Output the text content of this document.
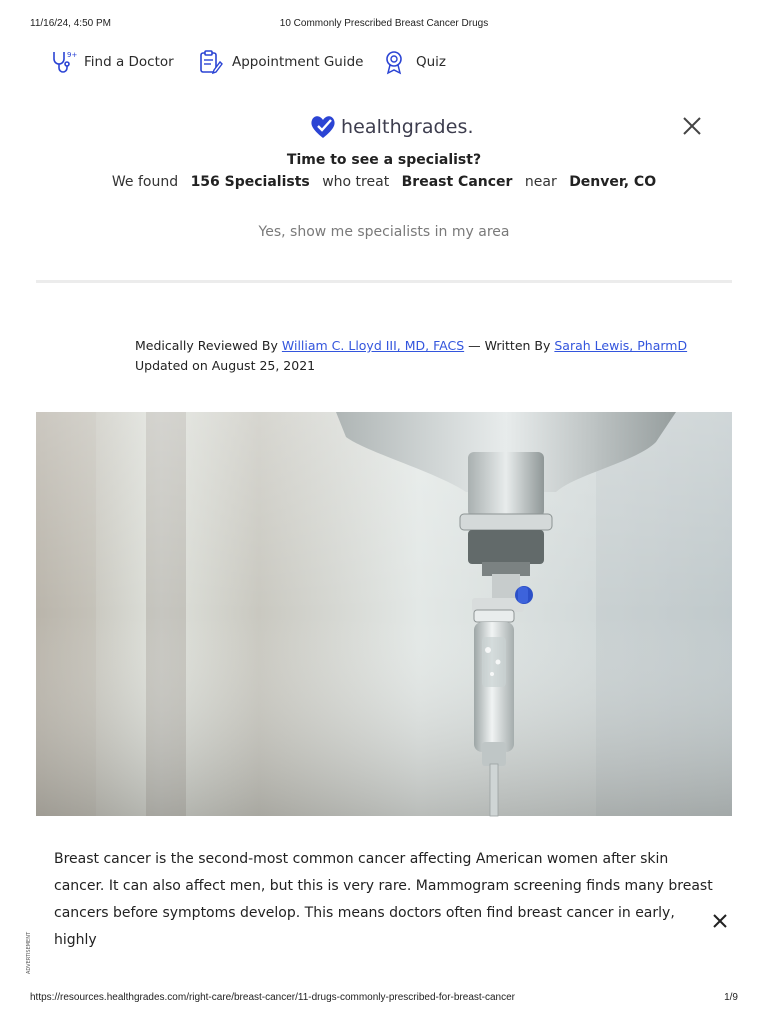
11/16/24, 4:50 PM	10 Commonly Prescribed Breast Cancer Drugs
9+ Find a Doctor	Appointment Guide	Quiz
healthgrades.
Time to see a specialist?
We found 156 Specialists who treat Breast Cancer near Denver, CO
Yes, show me specialists in my area
Medically Reviewed By William C. Lloyd III, MD, FACS — Written By Sarah Lewis, PharmD
Updated on August 25, 2021
Breast cancer is the second-most common cancer affecting American women after skin cancer. It can also affect men, but this is very rare. Mammogram screening finds many breast cancers before symptoms develop. This means doctors often find breast cancer in early, highly
ADVERTISEMENT
https://resources.healthgrades.com/right-care/breast-cancer/11-drugs-commonly-prescribed-for-breast-cancer	1/9
